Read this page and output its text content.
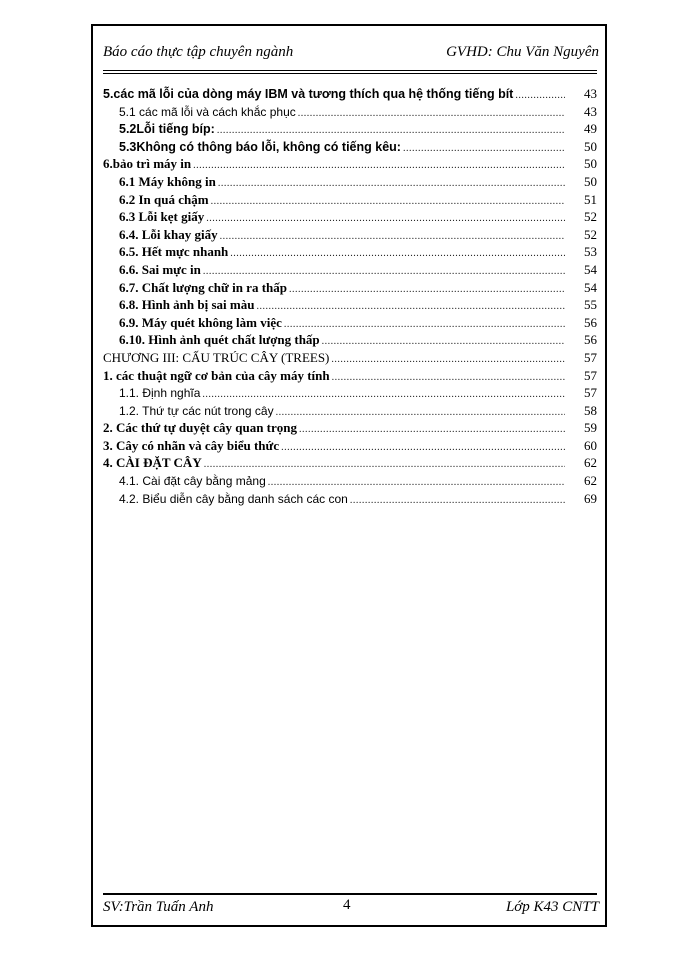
Báo cáo thực tập chuyên ngành	GVHD: Chu Văn Nguyên
5.các mã lỗi của dòng máy IBM và tương thích qua hệ thống tiếng bít .....	43
5.1 các mã lỗi và cách khắc phục .....	43
5.2Lỗi tiếng bíp: .....	49
5.3Không có thông báo lỗi, không có tiếng kêu: .....	50
6.bảo trì máy in .....	50
6.1 Máy không in .....	50
6.2 In quá chậm .....	51
6.3 Lỗi kẹt giấy .....	52
6.4. Lỗi khay giấy .....	52
6.5. Hết mực nhanh .....	53
6.6. Sai mực in .....	54
6.7. Chất lượng chữ in ra thấp .....	54
6.8. Hình ảnh bị sai màu .....	55
6.9. Máy quét không làm việc .....	56
6.10. Hình ảnh quét chất lượng thấp .....	56
CHƯƠNG III: CẤU TRÚC CÂY (TREES) .....	57
1. các thuật ngữ cơ bản của cây máy tính .....	57
1.1. Định nghĩa .....	57
1.2. Thứ tự các nút trong cây .....	58
2. Các thứ tự duyệt cây quan trọng .....	59
3. Cây có nhãn và cây biểu thức .....	60
4. CÀI ĐẶT CÂY .....	62
4.1. Cài đặt cây bằng mảng .....	62
4.2. Biểu diễn cây bằng danh sách các con .....	69
SV:Trần Tuấn Anh	4	Lớp K43 CNTT
